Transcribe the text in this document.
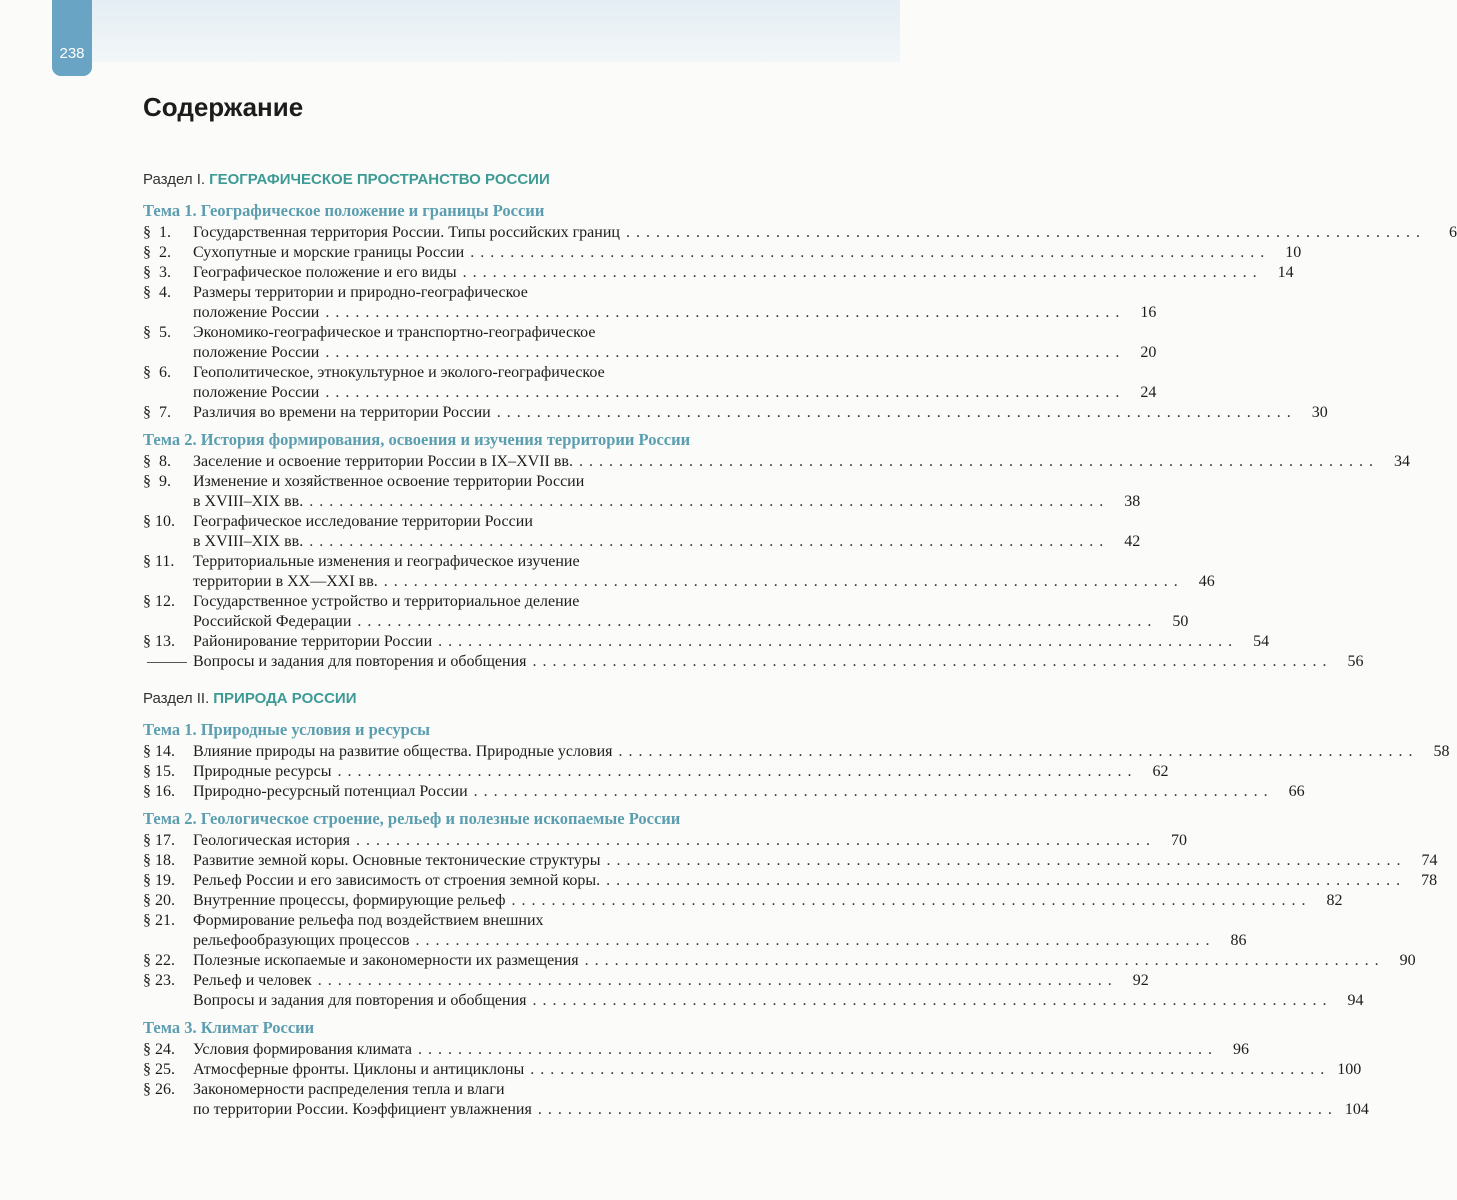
238
Содержание
Раздел I. ГЕОГРАФИЧЕСКОЕ ПРОСТРАНСТВО РОССИИ
Тема 1. Географическое положение и границы России
§  1.	Государственная территория России. Типы российских границ . . . . . . . . . . . . . . . . . . . . . . . . . . . . . . . . . . . . . . . . . . . . . . . . . . . . . . . . . . . . . . . . . . . . . . . . . . . . . . . .	6
§  2.	Сухопутные и морские границы России . . . . . . . . . . . . . . . . . . . . . . . . . . . . . . . . . . . . . . . . . . . . . . . . . . . . . . . . . . . . . . . . . . . . . . . . . . . . . . . .	10
§  3.	Географическое положение и его виды . . . . . . . . . . . . . . . . . . . . . . . . . . . . . . . . . . . . . . . . . . . . . . . . . . . . . . . . . . . . . . . . . . . . . . . . . . . . . . . .	14
§  4.	Размеры территории и природно-географическое
положение России . . . . . . . . . . . . . . . . . . . . . . . . . . . . . . . . . . . . . . . . . . . . . . . . . . . . . . . . . . . . . . . . . . . . . . . . . . . . . . . .	16
§  5.	Экономико-географическое и транспортно-географическое
положение России . . . . . . . . . . . . . . . . . . . . . . . . . . . . . . . . . . . . . . . . . . . . . . . . . . . . . . . . . . . . . . . . . . . . . . . . . . . . . . . .	20
§  6.	Геополитическое, этнокультурное и эколого-географическое
положение России . . . . . . . . . . . . . . . . . . . . . . . . . . . . . . . . . . . . . . . . . . . . . . . . . . . . . . . . . . . . . . . . . . . . . . . . . . . . . . . .	24
§  7.	Различия во времени на территории России . . . . . . . . . . . . . . . . . . . . . . . . . . . . . . . . . . . . . . . . . . . . . . . . . . . . . . . . . . . . . . . . . . . . . . . . . . . . . . . .	30
Тема 2. История формирования, освоения и изучения территории России
§  8.	Заселение и освоение территории России в IX–XVII вв. . . . . . . . . . . . . . . . . . . . . . . . . . . . . . . . . . . . . . . . . . . . . . . . . . . . . . . . . . . . . . . . . . . . . . . . . . . . . . . . .	34
§  9.	Изменение и хозяйственное освоение территории России
в XVIII–XIX вв. . . . . . . . . . . . . . . . . . . . . . . . . . . . . . . . . . . . . . . . . . . . . . . . . . . . . . . . . . . . . . . . . . . . . . . . . . . . . . . . .	38
§ 10.	Географическое исследование территории России
в XVIII–XIX вв. . . . . . . . . . . . . . . . . . . . . . . . . . . . . . . . . . . . . . . . . . . . . . . . . . . . . . . . . . . . . . . . . . . . . . . . . . . . . . . . .	42
§ 11.	Территориальные изменения и географическое изучение
территории в XX—XXI вв. . . . . . . . . . . . . . . . . . . . . . . . . . . . . . . . . . . . . . . . . . . . . . . . . . . . . . . . . . . . . . . . . . . . . . . . . . . . . . . . .	46
§ 12.	Государственное устройство и территориальное деление
Российской Федерации . . . . . . . . . . . . . . . . . . . . . . . . . . . . . . . . . . . . . . . . . . . . . . . . . . . . . . . . . . . . . . . . . . . . . . . . . . . . . . . .	50
§ 13.	Районирование территории России . . . . . . . . . . . . . . . . . . . . . . . . . . . . . . . . . . . . . . . . . . . . . . . . . . . . . . . . . . . . . . . . . . . . . . . . . . . . . . . .	54
Вопросы и задания для повторения и обобщения . . . . . . . . . . . . . . . . . . . . . . . . . . . . . . . . . . . . . . . . . . . . . . . . . . . . . . . . . . . . . . . . . . . . . . . . . . . . . . . .	56
Раздел II. ПРИРОДА РОССИИ
Тема 1. Природные условия и ресурсы
§ 14.	Влияние природы на развитие общества. Природные условия . . . . . . . . . . . . . . . . . . . . . . . . . . . . . . . . . . . . . . . . . . . . . . . . . . . . . . . . . . . . . . . . . . . . . . . . . . . . . . . .	58
§ 15.	Природные ресурсы . . . . . . . . . . . . . . . . . . . . . . . . . . . . . . . . . . . . . . . . . . . . . . . . . . . . . . . . . . . . . . . . . . . . . . . . . . . . . . . .	62
§ 16.	Природно-ресурсный потенциал России . . . . . . . . . . . . . . . . . . . . . . . . . . . . . . . . . . . . . . . . . . . . . . . . . . . . . . . . . . . . . . . . . . . . . . . . . . . . . . . .	66
Тема 2. Геологическое строение, рельеф и полезные ископаемые России
§ 17.	Геологическая история . . . . . . . . . . . . . . . . . . . . . . . . . . . . . . . . . . . . . . . . . . . . . . . . . . . . . . . . . . . . . . . . . . . . . . . . . . . . . . . .	70
§ 18.	Развитие земной коры. Основные тектонические структуры . . . . . . . . . . . . . . . . . . . . . . . . . . . . . . . . . . . . . . . . . . . . . . . . . . . . . . . . . . . . . . . . . . . . . . . . . . . . . . . .	74
§ 19.	Рельеф России и его зависимость от строения земной коры. . . . . . . . . . . . . . . . . . . . . . . . . . . . . . . . . . . . . . . . . . . . . . . . . . . . . . . . . . . . . . . . . . . . . . . . . . . . . . . . .	78
§ 20.	Внутренние процессы, формирующие рельеф . . . . . . . . . . . . . . . . . . . . . . . . . . . . . . . . . . . . . . . . . . . . . . . . . . . . . . . . . . . . . . . . . . . . . . . . . . . . . . . .	82
§ 21.	Формирование рельефа под воздействием внешних
рельефообразующих процессов . . . . . . . . . . . . . . . . . . . . . . . . . . . . . . . . . . . . . . . . . . . . . . . . . . . . . . . . . . . . . . . . . . . . . . . . . . . . . . . .	86
§ 22.	Полезные ископаемые и закономерности их размещения . . . . . . . . . . . . . . . . . . . . . . . . . . . . . . . . . . . . . . . . . . . . . . . . . . . . . . . . . . . . . . . . . . . . . . . . . . . . . . . .	90
§ 23.	Рельеф и человек . . . . . . . . . . . . . . . . . . . . . . . . . . . . . . . . . . . . . . . . . . . . . . . . . . . . . . . . . . . . . . . . . . . . . . . . . . . . . . . .	92
Вопросы и задания для повторения и обобщения . . . . . . . . . . . . . . . . . . . . . . . . . . . . . . . . . . . . . . . . . . . . . . . . . . . . . . . . . . . . . . . . . . . . . . . . . . . . . . . .	94
Тема 3. Климат России
§ 24.	Условия формирования климата . . . . . . . . . . . . . . . . . . . . . . . . . . . . . . . . . . . . . . . . . . . . . . . . . . . . . . . . . . . . . . . . . . . . . . . . . . . . . . . .	96
§ 25.	Атмосферные фронты. Циклоны и антициклоны . . . . . . . . . . . . . . . . . . . . . . . . . . . . . . . . . . . . . . . . . . . . . . . . . . . . . . . . . . . . . . . . . . . . . . . . . . . . . . . . 100
§ 26.	Закономерности распределения тепла и влаги
по территории России. Коэффициент увлажнения . . . . . . . . . . . . . . . . . . . . . . . . . . . . . . . . . . . . . . . . . . . . . . . . . . . . . . . . . . . . . . . . . . . . . . . . . . . . . . . . 104
